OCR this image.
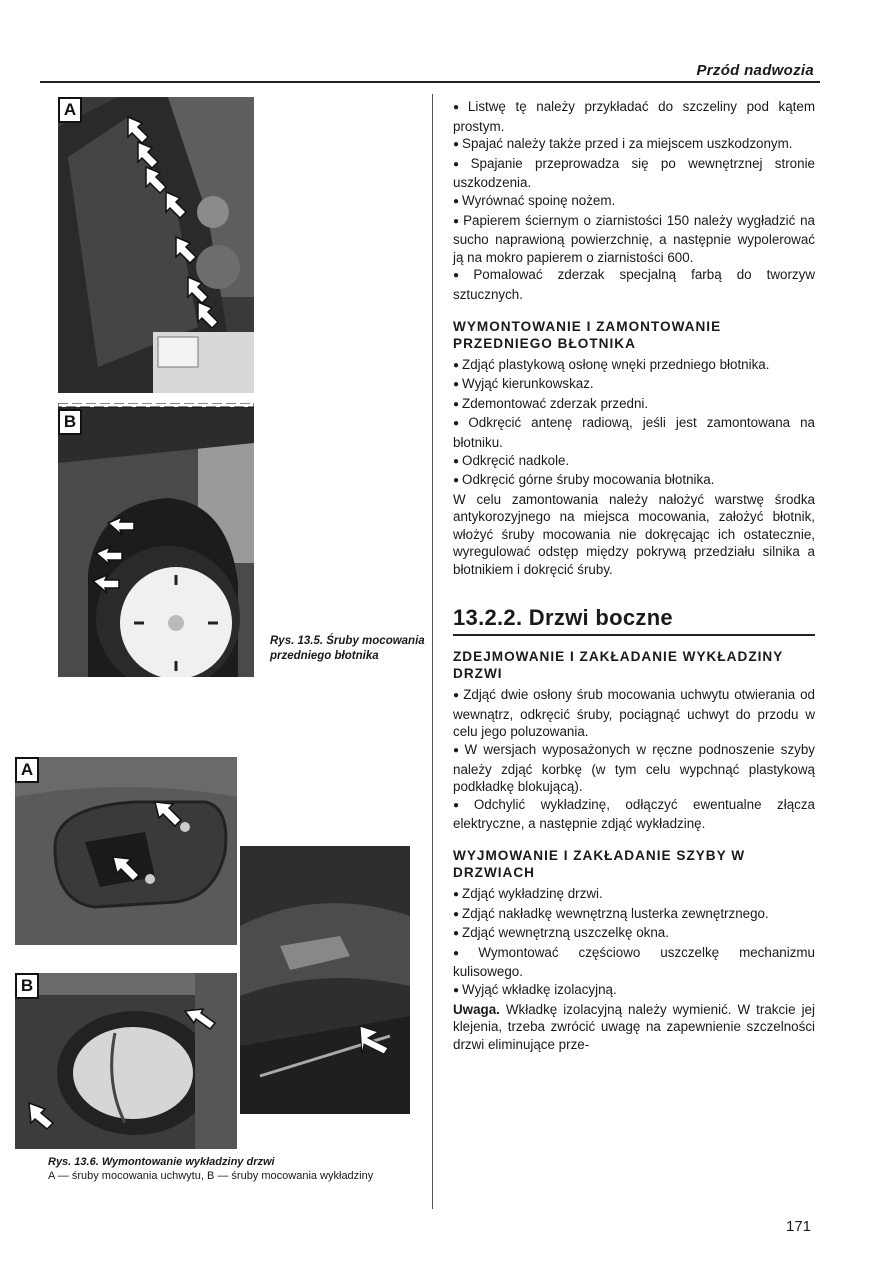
Przód nadwozia
A
B
Rys. 13.5. Śruby mocowania przedniego błotnika
A
B
Rys. 13.6. Wymontowanie wykładziny drzwi
A — śruby mocowania uchwytu, B — śruby mocowania wykładziny

● Listwę tę należy przykładać do szczeliny pod kątem prostym.

● Spajać należy także przed i za miejscem uszkodzonym.

● Spajanie przeprowadza się po wewnętrznej stronie uszkodzenia.

● Wyrównać spoinę nożem.

● Papierem ściernym o ziarnistości 150 należy wygładzić na sucho naprawioną powierzchnię, a następnie wypolerować ją na mokro papierem o ziarnistości 600.

● Pomalować zderzak specjalną farbą do tworzyw sztucznych.

WYMONTOWANIE I ZAMONTOWANIE PRZEDNIEGO BŁOTNIKA

● Zdjąć plastykową osłonę wnęki przedniego błotnika.

● Wyjąć kierunkowskaz.

● Zdemontować zderzak przedni.

● Odkręcić antenę radiową, jeśli jest zamontowana na błotniku.

● Odkręcić nadkole.

● Odkręcić górne śruby mocowania błotnika.

W celu zamontowania należy nałożyć warstwę środka antykorozyjnego na miejsca mocowania, założyć błotnik, włożyć śruby mocowania nie dokręcając ich ostatecznie, wyregulować odstęp między pokrywą przedziału silnika a błotnikiem i dokręcić śruby.

13.2.2. Drzwi boczne
ZDEJMOWANIE I ZAKŁADANIE WYKŁADZINY DRZWI

● Zdjąć dwie osłony śrub mocowania uchwytu otwierania od wewnątrz, odkręcić śruby, pociągnąć uchwyt do przodu w celu jego poluzowania.

● W wersjach wyposażonych w ręczne podnoszenie szyby należy zdjąć korbkę (w tym celu wypchnąć plastykową podkładkę blokującą).

● Odchylić wykładzinę, odłączyć ewentualne złącza elektryczne, a następnie zdjąć wykładzinę.

WYJMOWANIE I ZAKŁADANIE SZYBY W DRZWIACH

● Zdjąć wykładzinę drzwi.

● Zdjąć nakładkę wewnętrzną lusterka zewnętrznego.

● Zdjąć wewnętrzną uszczelkę okna.

● Wymontować częściowo uszczelkę mechanizmu kulisowego.

● Wyjąć wkładkę izolacyjną.

Uwaga. Wkładkę izolacyjną należy wymienić. W trakcie jej klejenia, trzeba zwrócić uwagę na zapewnienie szczelności drzwi eliminujące prze-

171
